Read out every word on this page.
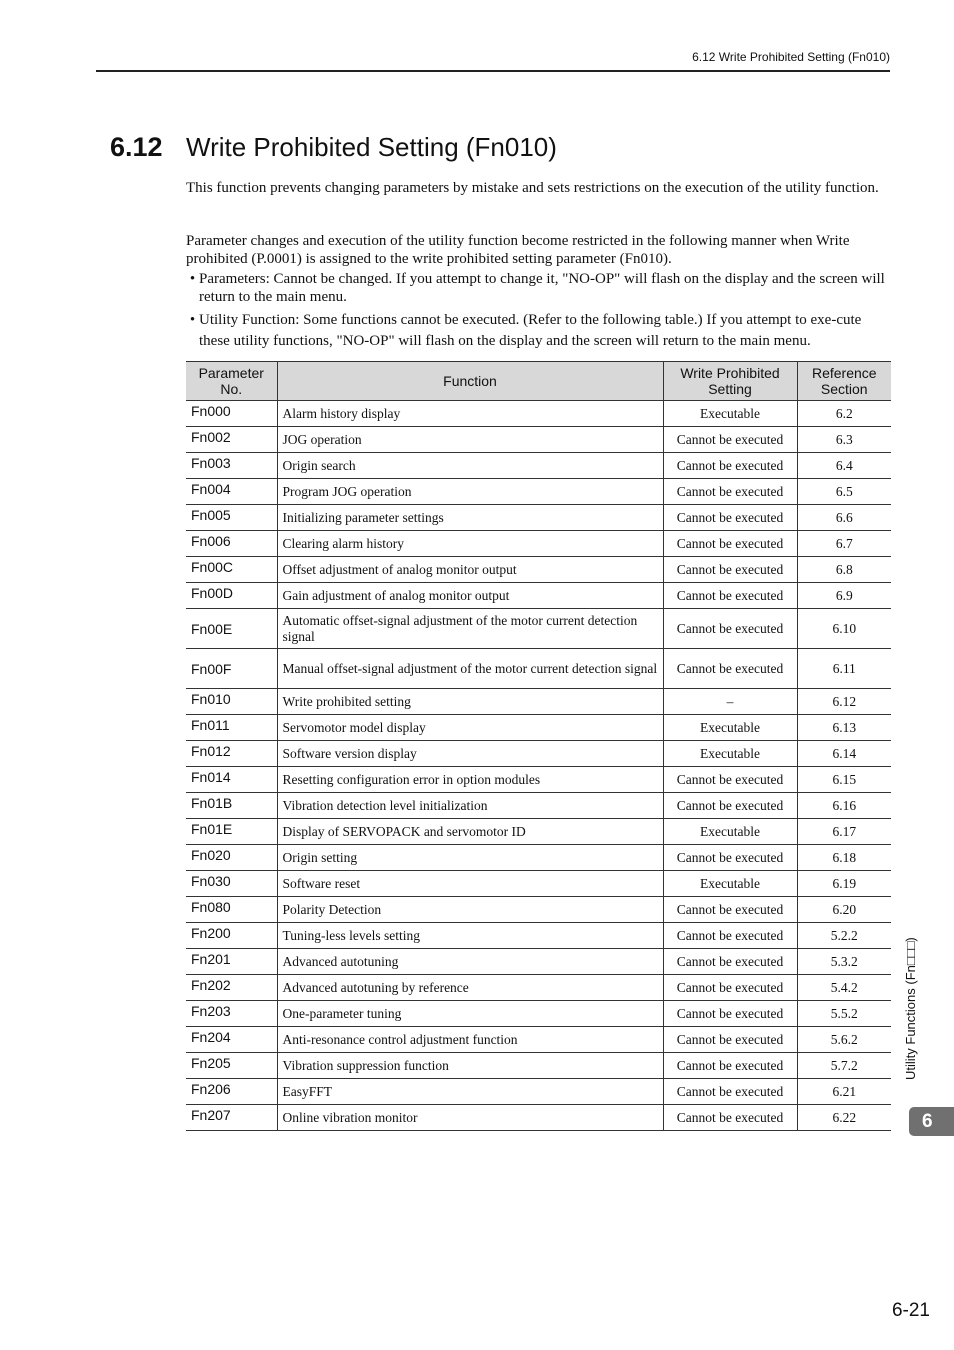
6.12 Write Prohibited Setting (Fn010)
6.12 Write Prohibited Setting (Fn010)
This function prevents changing parameters by mistake and sets restrictions on the execution of the utility function.
Parameter changes and execution of the utility function become restricted in the following manner when Write prohibited (P.0001) is assigned to the write prohibited setting parameter (Fn010).
• Parameters: Cannot be changed. If you attempt to change it, "NO-OP" will flash on the display and the screen will return to the main menu.
• Utility Function: Some functions cannot be executed. (Refer to the following table.) If you attempt to exe-cute these utility functions, "NO-OP" will flash on the display and the screen will return to the main menu.
Parameter No.	Function	Write Prohibited Setting	Reference Section
Fn000	Alarm history display	Executable	6.2
Fn002	JOG operation	Cannot be executed	6.3
Fn003	Origin search	Cannot be executed	6.4
Fn004	Program JOG operation	Cannot be executed	6.5
Fn005	Initializing parameter settings	Cannot be executed	6.6
Fn006	Clearing alarm history	Cannot be executed	6.7
Fn00C	Offset adjustment of analog monitor output	Cannot be executed	6.8
Fn00D	Gain adjustment of analog monitor output	Cannot be executed	6.9
Fn00E	Automatic offset-signal adjustment of the motor current detection signal	Cannot be executed	6.10
Fn00F	Manual offset-signal adjustment of the motor current detection signal	Cannot be executed	6.11
Fn010	Write prohibited setting	–	6.12
Fn011	Servomotor model display	Executable	6.13
Fn012	Software version display	Executable	6.14
Fn014	Resetting configuration error in option modules	Cannot be executed	6.15
Fn01B	Vibration detection level initialization	Cannot be executed	6.16
Fn01E	Display of SERVOPACK and servomotor ID	Executable	6.17
Fn020	Origin setting	Cannot be executed	6.18
Fn030	Software reset	Executable	6.19
Fn080	Polarity Detection	Cannot be executed	6.20
Fn200	Tuning-less levels setting	Cannot be executed	5.2.2
Fn201	Advanced autotuning	Cannot be executed	5.3.2
Fn202	Advanced autotuning by reference	Cannot be executed	5.4.2
Fn203	One-parameter tuning	Cannot be executed	5.5.2
Fn204	Anti-resonance control adjustment function	Cannot be executed	5.6.2
Fn205	Vibration suppression function	Cannot be executed	5.7.2
Fn206	EasyFFT	Cannot be executed	6.21
Fn207	Online vibration monitor	Cannot be executed	6.22
Utility Functions (Fn□□□)
6
6-21
